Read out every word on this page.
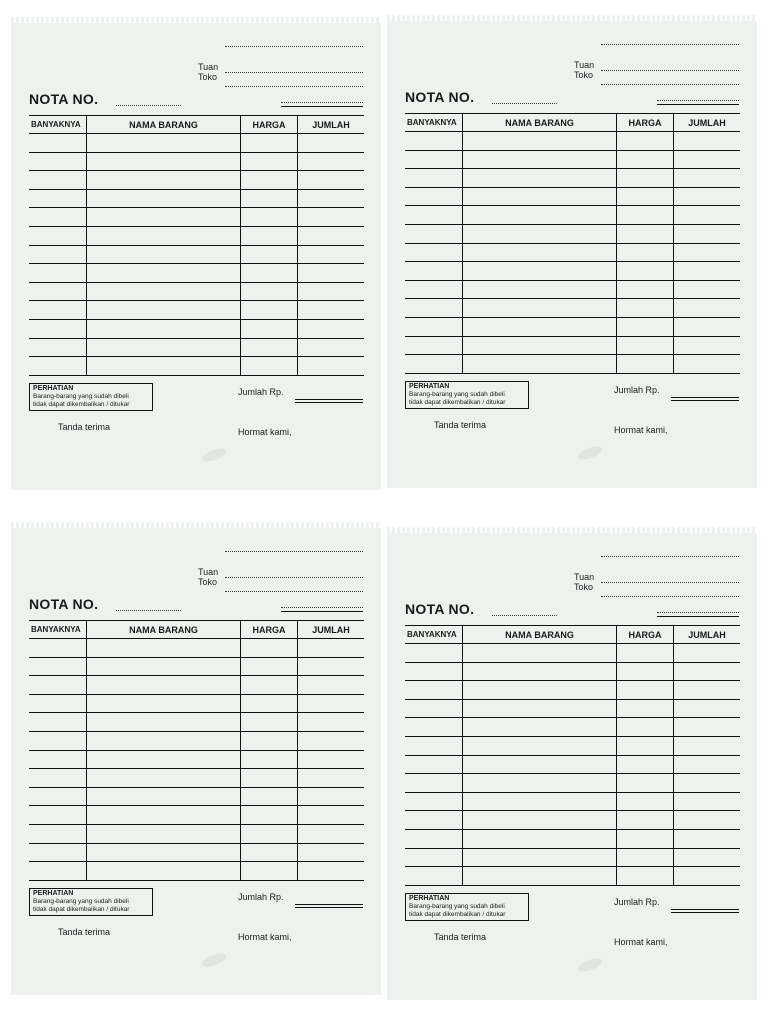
Tuan
Toko
NOTA NO.
BANYAKNYA	NAMA BARANG	HARGA	JUMLAH

PERHATIAN
Barang-barang yang sudah dibeli
tidak dapat dikembalikan / ditukar
Jumlah Rp.
Tanda terima	Hormat kami,
Tuan
Toko
NOTA NO.
BANYAKNYA	NAMA BARANG	HARGA	JUMLAH

PERHATIAN
Barang-barang yang sudah dibeli
tidak dapat dikembalikan / ditukar
Jumlah Rp.
Tanda terima	Hormat kami,
Tuan
Toko
NOTA NO.
BANYAKNYA	NAMA BARANG	HARGA	JUMLAH

PERHATIAN
Barang-barang yang sudah dibeli
tidak dapat dikembalikan / ditukar
Jumlah Rp.
Tanda terima	Hormat kami,
Tuan
Toko
NOTA NO.
BANYAKNYA	NAMA BARANG	HARGA	JUMLAH

PERHATIAN
Barang-barang yang sudah dibeli
tidak dapat dikembalikan / ditukar
Jumlah Rp.
Tanda terima	Hormat kami,
